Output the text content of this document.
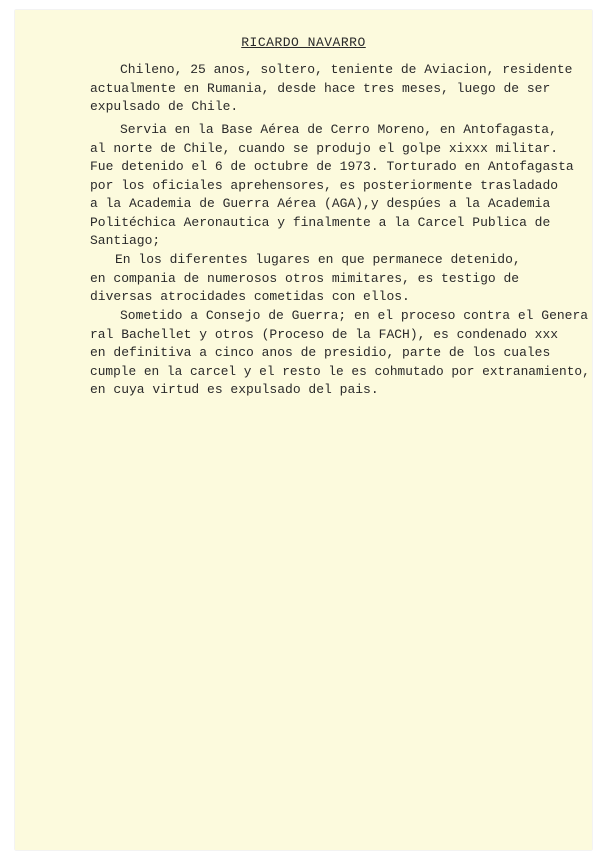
RICARDO NAVARRO
Chileno, 25 anos, soltero, teniente de Aviacion, residente
actualmente en Rumania, desde hace tres meses, luego de ser
expulsado de Chile.
Servia en la Base Aérea de Cerro Moreno, en Antofagasta,
al norte de Chile, cuando se produjo el golpe xixxx militar.
Fue detenido el 6 de octubre de 1973. Torturado en Antofagasta
por los oficiales aprehensores, es posteriormente trasladado
a la Academia de Guerra Aérea (AGA),y despúes a la Academia
Politéchica Aeronautica y finalmente a la Carcel Publica de
Santiago;
En los diferentes lugares en que permanece detenido,
en compania de numerosos otros mimitares, es testigo de
diversas atrocidades cometidas con ellos.
Sometido a Consejo de Guerra; en el proceso contra el Genera
ral Bachellet y otros (Proceso de la FACH), es condenado xxx
en definitiva a cinco anos de presidio, parte de los cuales
cumple en la carcel y el resto le es cohmutado por extranamiento,
en cuya virtud es expulsado del pais.
